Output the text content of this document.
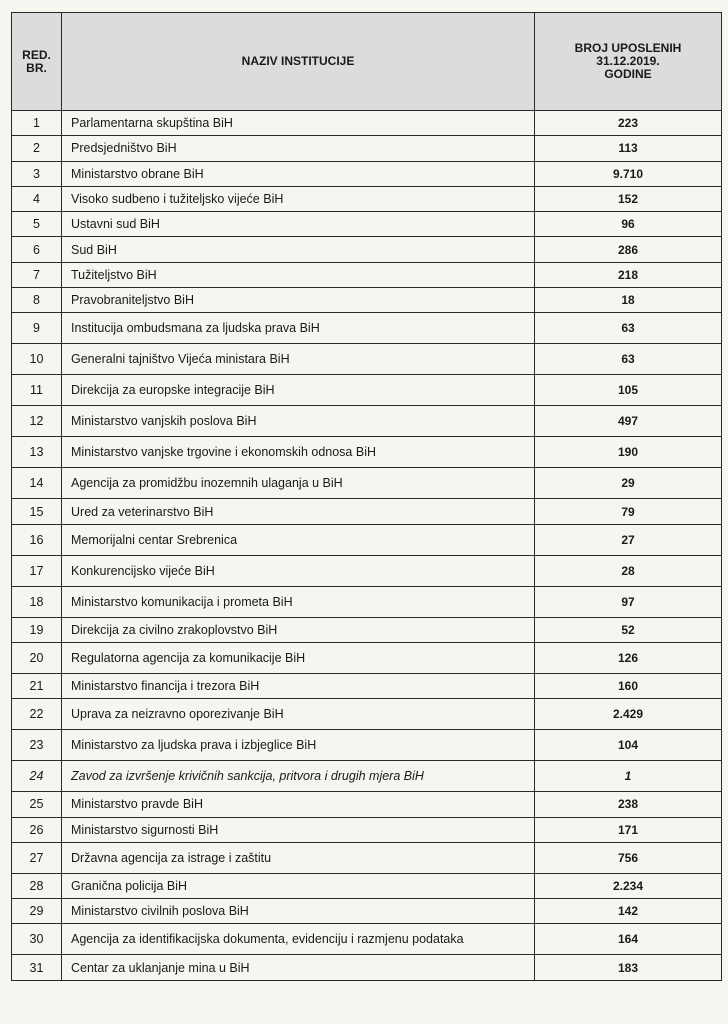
RED.
BR.	NAZIV INSTITUCIJE	BROJ UPOSLENIH
31.12.2019.
GODINE

1	Parlamentarna skupština BiH	223
2	Predsjedništvo BiH	113
3	Ministarstvo obrane BiH	9.710
4	Visoko sudbeno i tužiteljsko vijeće BiH	152
5	Ustavni sud BiH	96
6	Sud BiH	286
7	Tužiteljstvo BiH	218
8	Pravobraniteljstvo BiH	18
9	Institucija ombudsmana za ljudska prava BiH	63
10	Generalni tajništvo Vijeća ministara BiH	63
11	Direkcija za europske integracije BiH	105
12	Ministarstvo vanjskih poslova BiH	497
13	Ministarstvo vanjske trgovine i ekonomskih odnosa BiH	190
14	Agencija za promidžbu inozemnih ulaganja u BiH	29
15	Ured za veterinarstvo BiH	79
16	Memorijalni centar Srebrenica	27
17	Konkurencijsko vijeće BiH	28
18	Ministarstvo komunikacija i prometa BiH	97
19	Direkcija za civilno zrakoplovstvo BiH	52
20	Regulatorna agencija za komunikacije BiH	126
21	Ministarstvo financija i trezora BiH	160
22	Uprava za neizravno oporezivanje BiH	2.429
23	Ministarstvo za ljudska prava i izbjeglice BiH	104
24	Zavod za izvršenje krivičnih sankcija, pritvora i drugih mjera BiH	1
25	Ministarstvo pravde BiH	238
26	Ministarstvo sigurnosti BiH	171
27	Državna agencija za istrage i zaštitu	756
28	Granična policija BiH	2.234
29	Ministarstvo civilnih poslova BiH	142
30	Agencija za identifikacijska dokumenta, evidenciju i razmjenu podataka	164
31	Centar za uklanjanje mina u BiH	183
